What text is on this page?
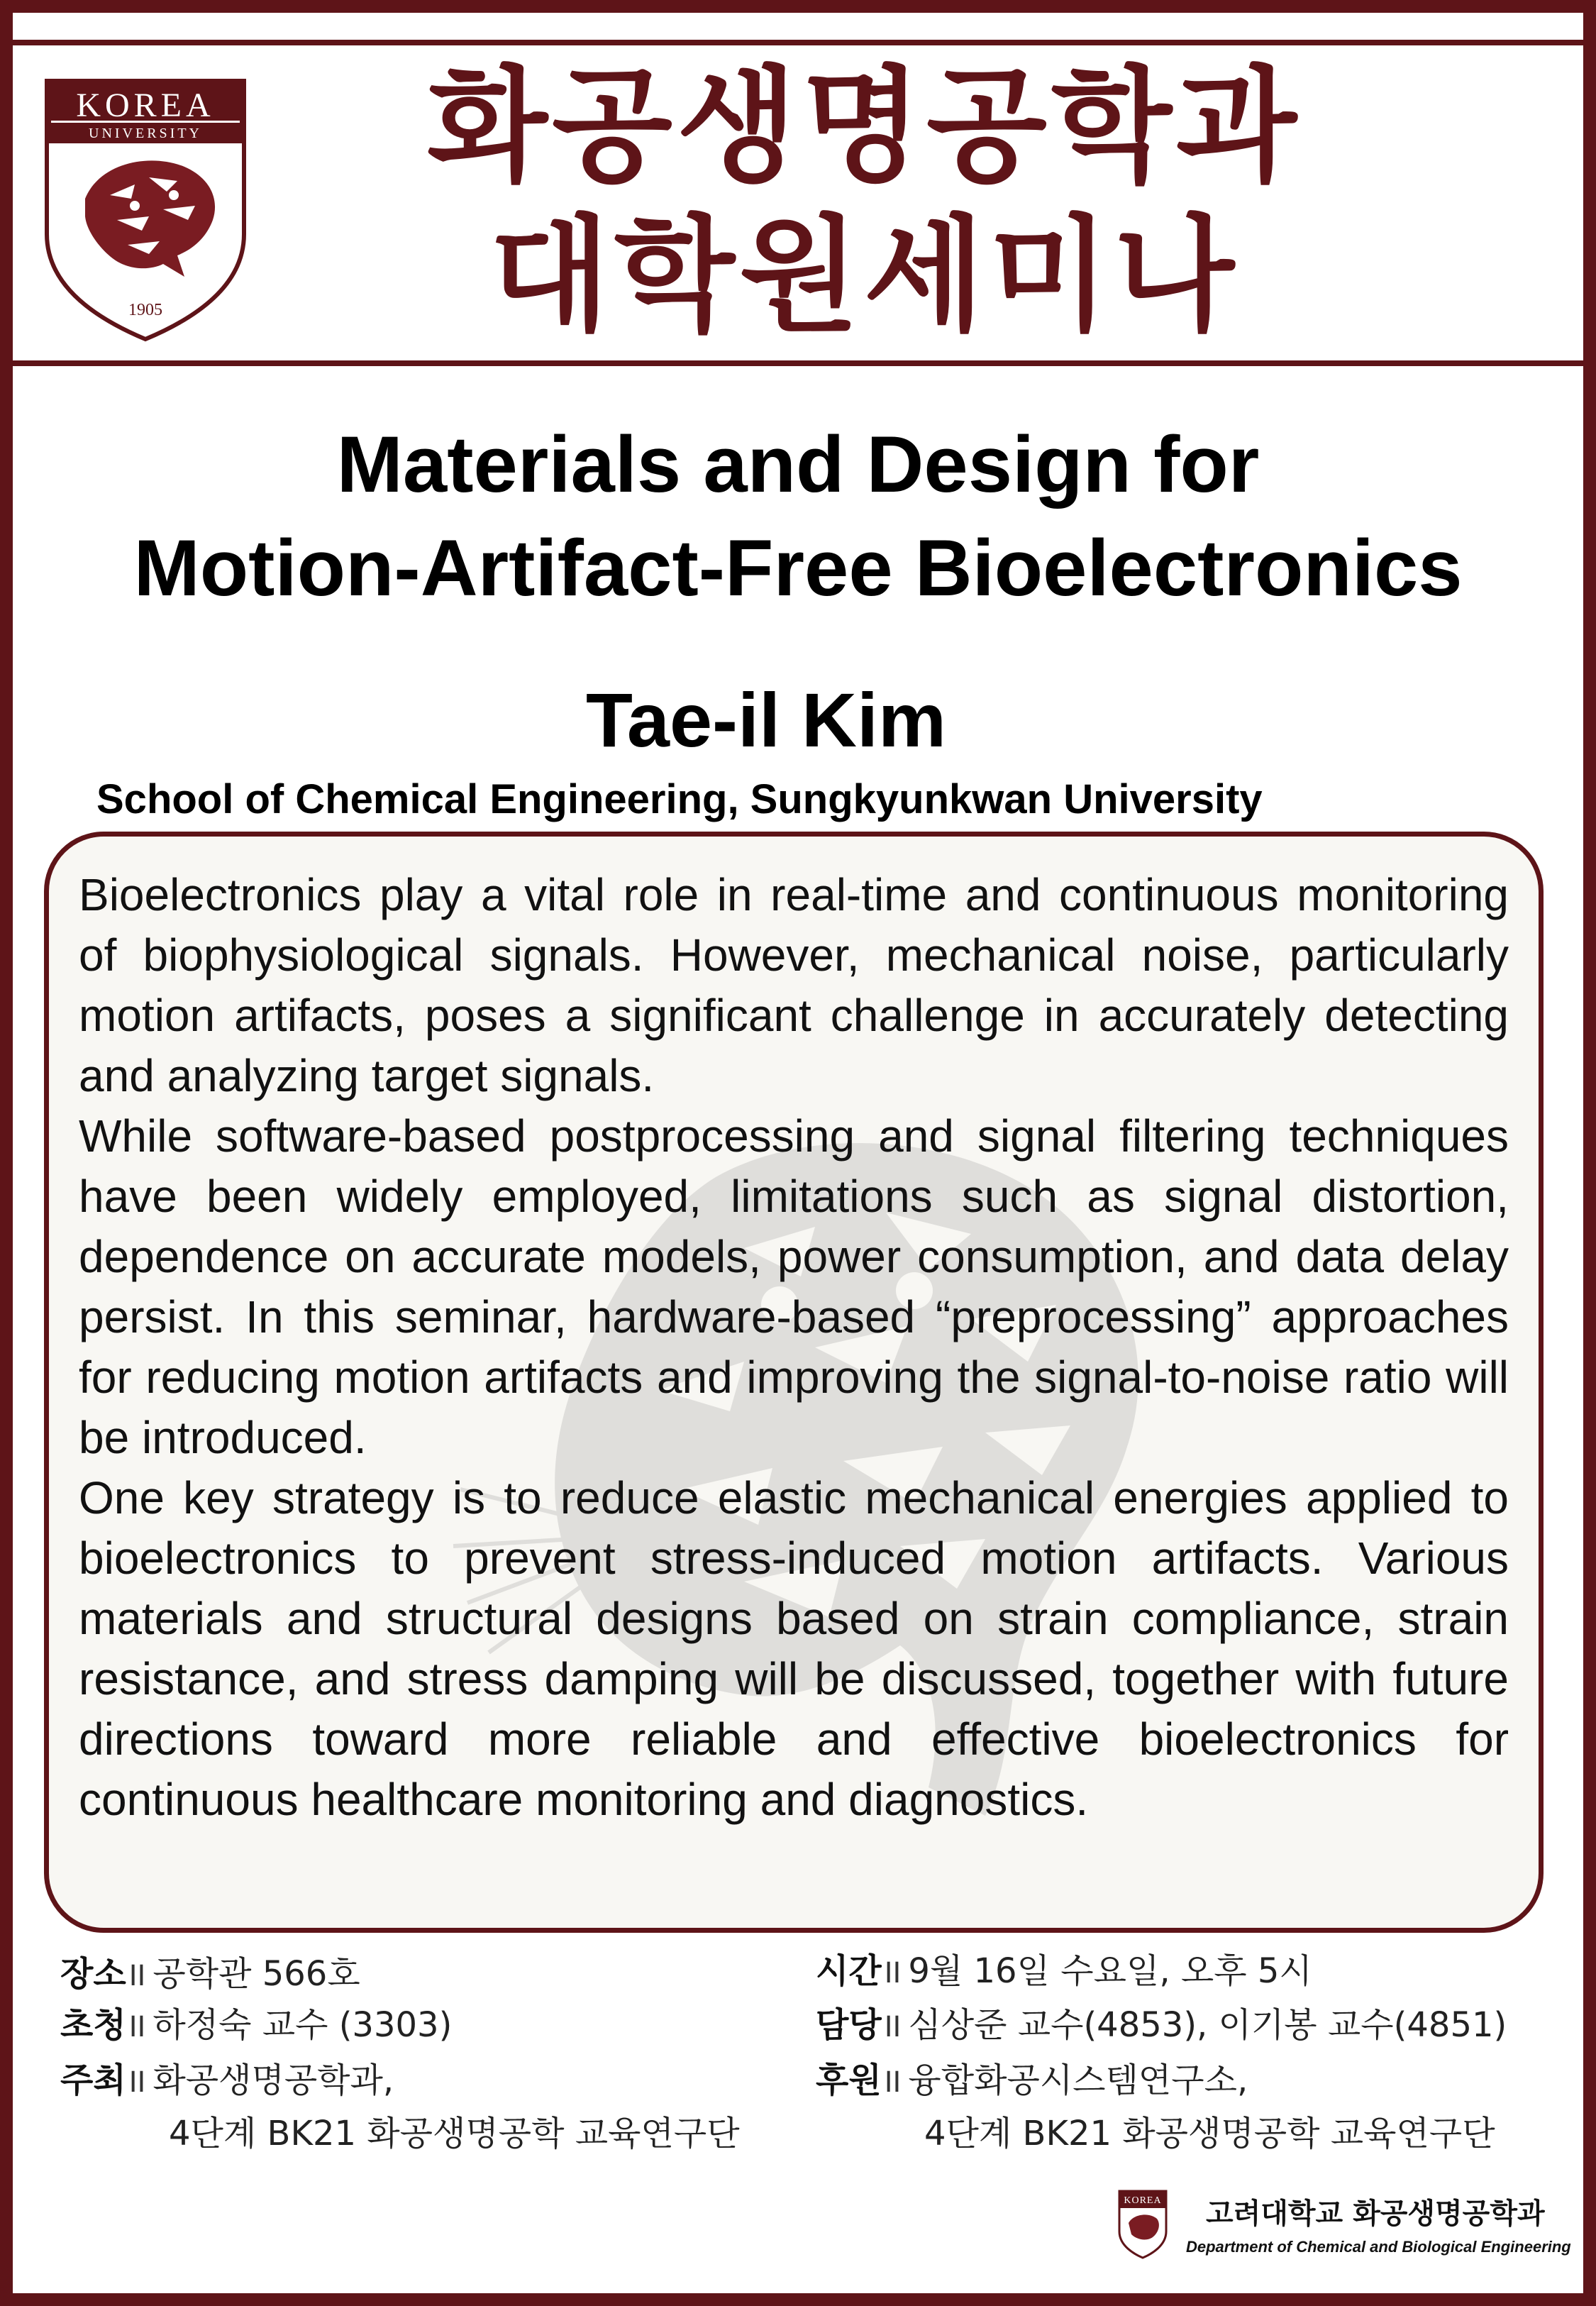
KOREA
UNIVERSITY
1905
화공생명공학과
대학원세미나
Materials and Design for
Motion-Artifact-Free Bioelectronics
Tae-il Kim
School of Chemical Engineering, Sungkyunkwan University

Bioelectronics play a vital role in real-time and continuous monitoring of biophysiological signals. However, mechanical noise, particularly motion artifacts, poses a significant challenge in accurately detecting and analyzing target signals.

While software-based postprocessing and signal filtering techniques have been widely employed, limitations such as signal distortion, dependence on accurate models, power consumption, and data delay persist. In this seminar, hardware-based “preprocessing” approaches for reducing motion artifacts and improving the signal-to-noise ratio will be introduced.

One key strategy is to reduce elastic mechanical energies applied to bioelectronics to prevent stress-induced motion artifacts. Various materials and structural designs based on strain compliance, strain resistance, and stress damping will be discussed, together with future directions toward more reliable and effective bioelectronics for continuous healthcare monitoring and diagnostics.

장소 II 공학관 566호
초청 II 하정숙 교수 (3303)
주최 II 화공생명공학과,
4단계 BK21 화공생명공학 교육연구단
시간 II 9월 16일 수요일, 오후 5시
담당 II 심상준 교수(4853), 이기봉 교수(4851)
후원 II 융합화공시스템연구소,
4단계 BK21 화공생명공학 교육연구단
KOREA 고려대학교 화공생명공학과
Department of Chemical and Biological Engineering
